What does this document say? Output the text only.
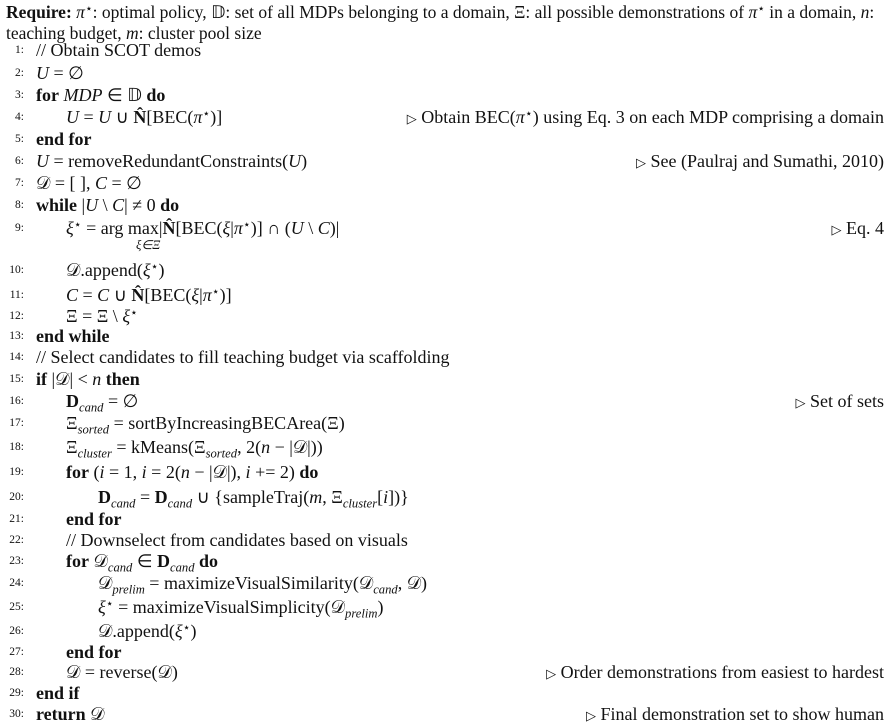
Require: π⋆: optimal policy, 𝔻: set of all MDPs belonging to a domain, Ξ: all possible demonstrations of π⋆ in a domain, n: teaching budget, m: cluster pool size
1: // Obtain SCOT demos
2: U = ∅
3: for MDP ∈ 𝔻 do
4: U = U ∪ N̂[BEC(π⋆)]	▷ Obtain BEC(π⋆) using Eq. 3 on each MDP comprising a domain
5: end for
6: U = removeRedundantConstraints(U)	▷ See (Paulraj and Sumathi, 2010)
7: 𝒟 = [ ], C = ∅
8: while |U \ C| ≠ 0 do
9: ξ⋆ = arg max|N̂[BEC(ξ|π⋆)] ∩ (U \ C)|
ξ∈Ξ
▷ Eq. 4
10: 𝒟.append(ξ⋆)
11: C = C ∪ N̂[BEC(ξ|π⋆)]
12: Ξ = Ξ \ ξ⋆
13: end while
14: // Select candidates to fill teaching budget via scaffolding
15: if |𝒟| < n then
16: $D_{cand}$ = ∅	▷ Set of sets
17: $\Xi_{sorted}$ = sortByIncreasingBECArea(Ξ)
18: $\Xi_{cluster}$ = $kMeans(\Xi_{sorted}$, 2(n − |𝒟|))
19: for (i = 1, i = 2(n − |𝒟|), i += 2) do
20:	$D_{cand} = D_{cand}$ ∪ {sampleTraj(m, $\Xi_{cluster}[i]$)}
21: end for
22: // Downselect from candidates based on visuals
23: for 𝒟$_{cand}$ ∈ $D_{cand}$ do
24:	𝒟$_{prelim}$ = maximizeVisualSimilarity(𝒟$_{cand}$, 𝒟)
25:	ξ⋆ = maximizeVisualSimplicity(𝒟$_{prelim}$)
26:	𝒟.append(ξ⋆)
27: end for
28: 𝒟 = reverse(𝒟)	▷ Order demonstrations from easiest to hardest
29: end if
30: return 𝒟	▷ Final demonstration set to show human
